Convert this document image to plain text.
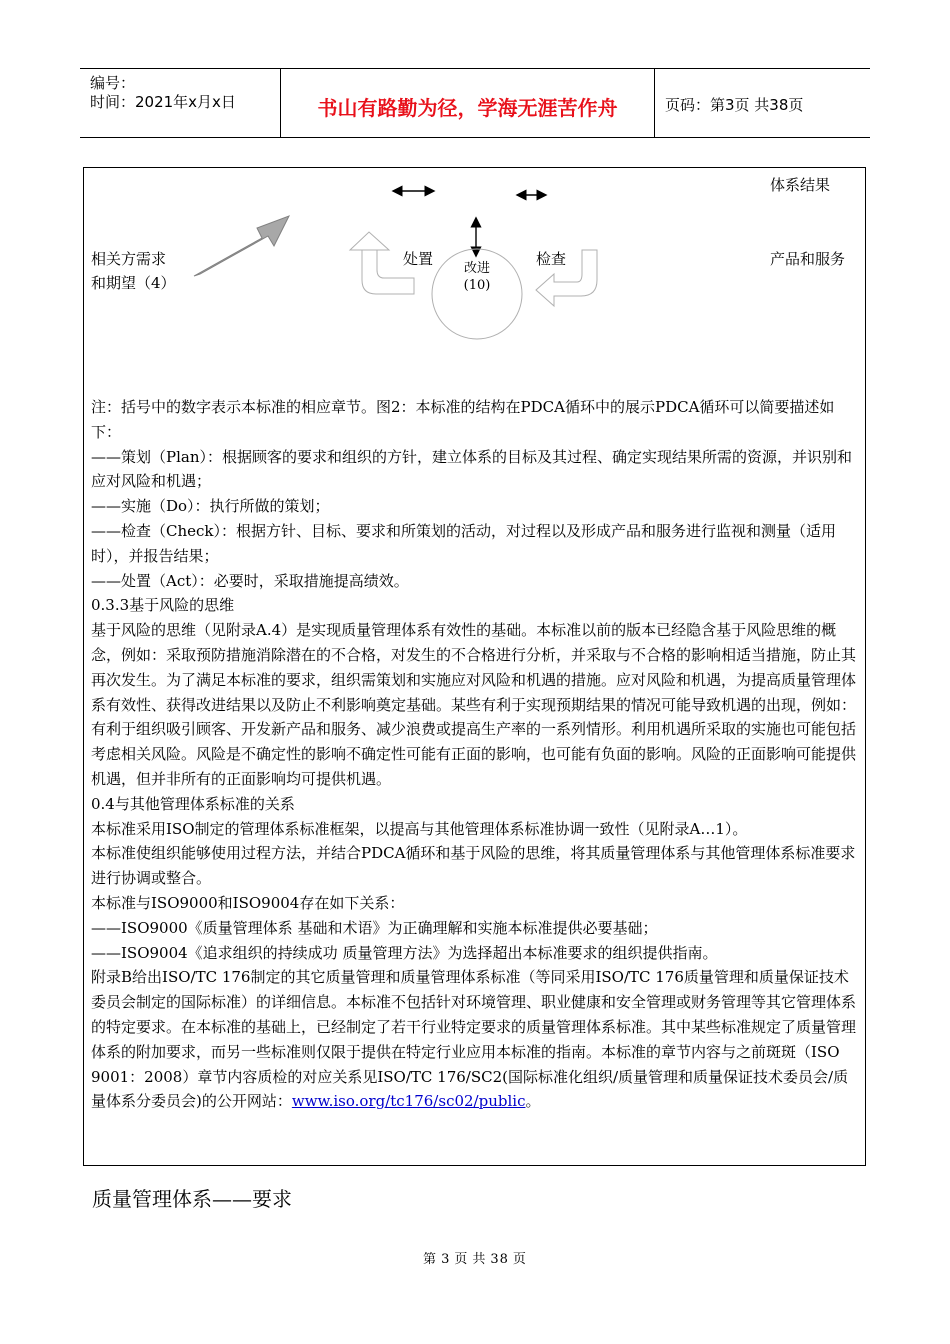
编号：
时间：2021年x月x日	书山有路勤为径，学海无涯苦作舟	页码：第3页 共38页
相关方需求
和期望（4）
处置	检查
改进
(10)
体系结果
产品和服务

注：括号中的数字表示本标准的相应章节。图2：本标准的结构在PDCA循环中的展示PDCA循环可以简要描述如下：

——策划（Plan）：根据顾客的要求和组织的方针，建立体系的目标及其过程、确定实现结果所需的资源，并识别和应对风险和机遇；

——实施（Do）：执行所做的策划；

——检查（Check）：根据方针、目标、要求和所策划的活动，对过程以及形成产品和服务进行监视和测量（适用时），并报告结果；

——处置（Act）：必要时，采取措施提高绩效。

0.3.3基于风险的思维

基于风险的思维（见附录A.4）是实现质量管理体系有效性的基础。本标准以前的版本已经隐含基于风险思维的概念，例如：采取预防措施消除潜在的不合格，对发生的不合格进行分析，并采取与不合格的影响相适当措施，防止其再次发生。为了满足本标准的要求，组织需策划和实施应对风险和机遇的措施。应对风险和机遇，为提高质量管理体系有效性、获得改进结果以及防止不利影响奠定基础。某些有利于实现预期结果的情况可能导致机遇的出现，例如：有利于组织吸引顾客、开发新产品和服务、减少浪费或提高生产率的一系列情形。利用机遇所采取的实施也可能包括考虑相关风险。风险是不确定性的影响不确定性可能有正面的影响，也可能有负面的影响。风险的正面影响可能提供机遇，但并非所有的正面影响均可提供机遇。

0.4与其他管理体系标准的关系

本标准采用ISO制定的管理体系标准框架，以提高与其他管理体系标准协调一致性（见附录A…1）。

本标准使组织能够使用过程方法，并结合PDCA循环和基于风险的思维，将其质量管理体系与其他管理体系标准要求进行协调或整合。

本标准与ISO9000和ISO9004存在如下关系：

——ISO9000《质量管理体系 基础和术语》为正确理解和实施本标准提供必要基础；

——ISO9004《追求组织的持续成功 质量管理方法》为选择超出本标准要求的组织提供指南。

附录B给出ISO/TC 176制定的其它质量管理和质量管理体系标准（等同采用ISO/TC 176质量管理和质量保证技术委员会制定的国际标准）的详细信息。本标准不包括针对环境管理、职业健康和安全管理或财务管理等其它管理体系的特定要求。在本标准的基础上，已经制定了若干行业特定要求的质量管理体系标准。其中某些标准规定了质量管理体系的附加要求，而另一些标准则仅限于提供在特定行业应用本标准的指南。本标准的章节内容与之前斑斑（ISO 9001：2008）章节内容质检的对应关系见ISO/TC 176/SC2(国际标准化组织/质量管理和质量保证技术委员会/质量体系分委员会)的公开网站：www.iso.org/tc176/sc02/public。

质量管理体系——要求
第 3 页 共 38 页
